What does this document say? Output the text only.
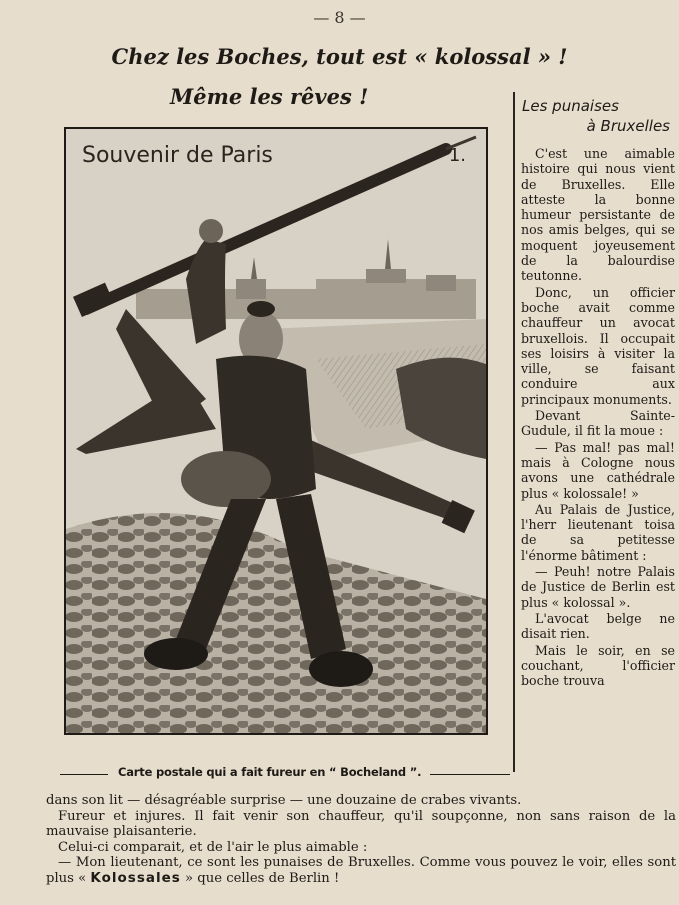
— 8 —
Chez les Boches, tout est « kolossal » !
Même les rêves !
Souvenir de Paris	1.
Carte postale qui a fait fureur en “ Bocheland ”.
Les punaises
à Bruxelles

C'est une aimable histoire qui nous vient de Bruxelles. Elle atteste la bonne humeur persistante de nos amis belges, qui se moquent joyeusement de la balourdise teutonne.

Donc, un officier boche avait comme chauffeur un avocat bruxellois. Il occupait ses loisirs à visiter la ville, se faisant conduire aux principaux monuments.

Devant Sainte-Gudule, il fit la moue :

— Pas mal! pas mal! mais à Cologne nous avons une cathédrale plus « kolossale! »

Au Palais de Justice, l'herr lieutenant toisa de sa petitesse l'énorme bâtiment :

— Peuh! notre Palais de Justice de Berlin est plus « kolossal ».

L'avocat belge ne disait rien.

Mais le soir, en se couchant, l'officier boche trouva

dans son lit — désagréable surprise — une douzaine de crabes vivants.

Fureur et injures. Il fait venir son chauffeur, qu'il soupçonne, non sans raison de la mauvaise plaisanterie.

Celui-ci comparait, et de l'air le plus aimable :

— Mon lieutenant, ce sont les punaises de Bruxelles. Comme vous pouvez le voir, elles sont plus « Kolossales » que celles de Berlin !
